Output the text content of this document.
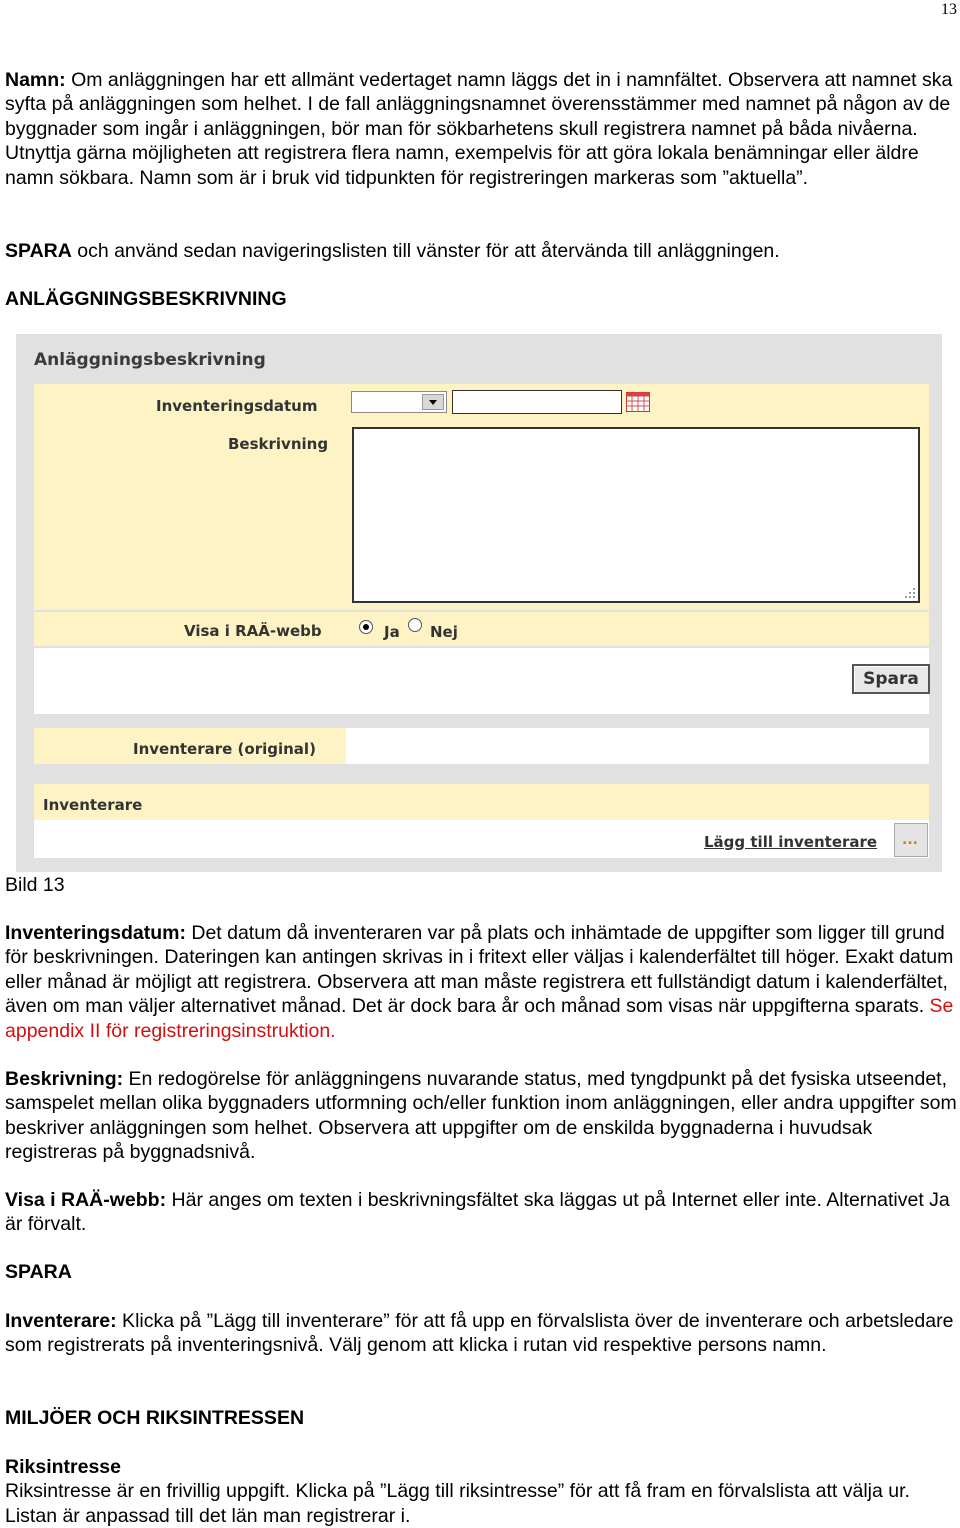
13

Namn: Om anläggningen har ett allmänt vedertaget namn läggs det in i namnfältet. Observera att namnet ska syfta på anläggningen som helhet. I de fall anläggningsnamnet överensstämmer med namnet på någon av de byggnader som ingår i anläggningen, bör man för sökbarhetens skull registrera namnet på båda nivåerna. Utnyttja gärna möjligheten att registrera flera namn, exempelvis för att göra lokala benämningar eller äldre namn sökbara. Namn som är i bruk vid tidpunkten för registreringen markeras som ”aktuella”.

SPARA och använd sedan navigeringslisten till vänster för att återvända till anläggningen.

ANLÄGGNINGSBESKRIVNING

Anläggningsbeskrivning
Inventeringsdatum
Beskrivning
Visa i RAÄ-webb	Ja Nej
Spara
Inventerare (original)
Inventerare
Lägg till inventerare ...

Bild 13

Inventeringsdatum: Det datum då inventeraren var på plats och inhämtade de uppgifter som ligger till grund för beskrivningen. Dateringen kan antingen skrivas in i fritext eller väljas i kalenderfältet till höger. Exakt datum eller månad är möjligt att registrera. Observera att man måste registrera ett fullständigt datum i kalenderfältet, även om man väljer alternativet månad. Det är dock bara år och månad som visas när uppgifterna sparats. Se appendix II för registreringsinstruktion.

Beskrivning: En redogörelse för anläggningens nuvarande status, med tyngdpunkt på det fysiska utseendet, samspelet mellan olika byggnaders utformning och/eller funktion inom anläggningen, eller andra uppgifter som beskriver anläggningen som helhet. Observera att uppgifter om de enskilda byggnaderna i huvudsak registreras på byggnadsnivå.

Visa i RAÄ-webb: Här anges om texten i beskrivningsfältet ska läggas ut på Internet eller inte. Alternativet Ja är förvalt.

SPARA

Inventerare: Klicka på ”Lägg till inventerare” för att få upp en förvalslista över de inventerare och arbetsledare som registrerats på inventeringsnivå. Välj genom att klicka i rutan vid respektive persons namn.

MILJÖER OCH RIKSINTRESSEN

Riksintresse

Riksintresse är en frivillig uppgift. Klicka på ”Lägg till riksintresse” för att få fram en förvalslista att välja ur. Listan är anpassad till det län man registrerar i.
